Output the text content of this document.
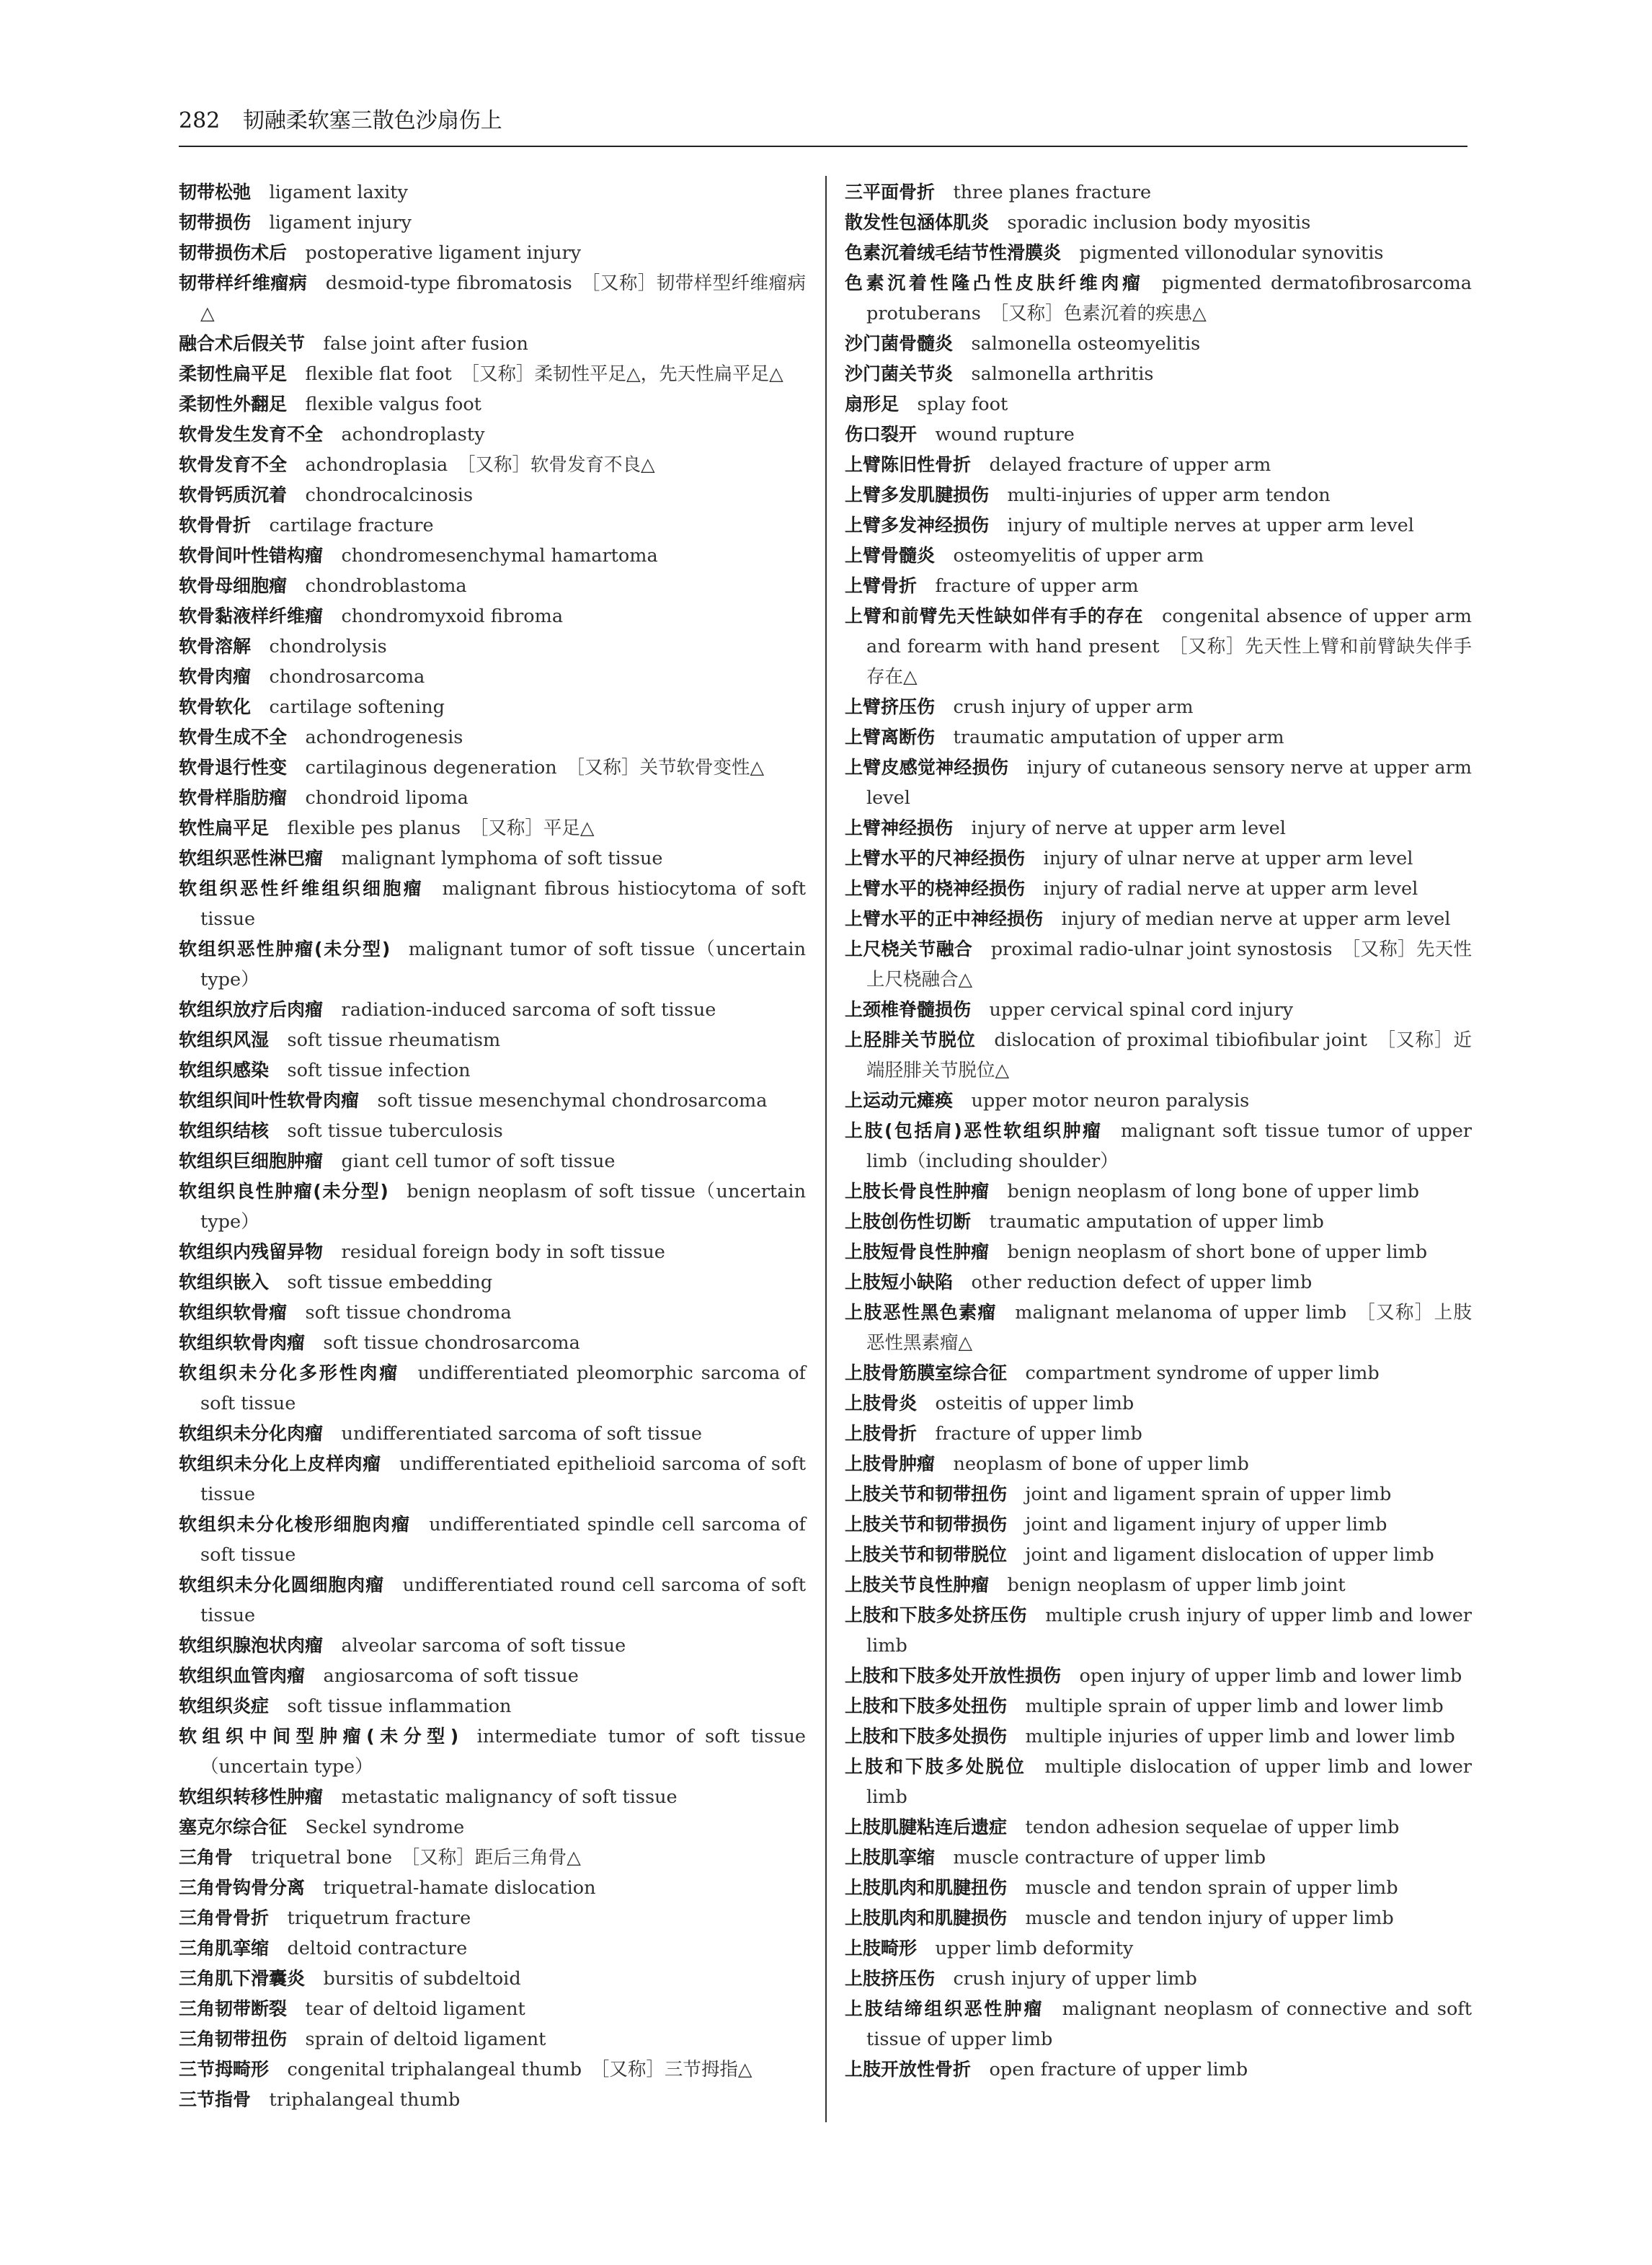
282 韧融柔软塞三散色沙扇伤上
韧带松弛  ligament laxity
韧带损伤  ligament injury
韧带损伤术后  postoperative ligament injury
韧带样纤维瘤病  desmoid-type fibromatosis  ［又称］韧带样型纤维瘤病△
融合术后假关节  false joint after fusion
柔韧性扁平足  flexible flat foot  ［又称］柔韧性平足△，先天性扁平足△
柔韧性外翻足  flexible valgus foot
软骨发生发育不全  achondroplasty
软骨发育不全  achondroplasia  ［又称］软骨发育不良△
软骨钙质沉着  chondrocalcinosis
软骨骨折  cartilage fracture
软骨间叶性错构瘤  chondromesenchymal hamartoma
软骨母细胞瘤  chondroblastoma
软骨黏液样纤维瘤  chondromyxoid fibroma
软骨溶解  chondrolysis
软骨肉瘤  chondrosarcoma
软骨软化  cartilage softening
软骨生成不全  achondrogenesis
软骨退行性变  cartilaginous degeneration  ［又称］关节软骨变性△
软骨样脂肪瘤  chondroid lipoma
软性扁平足  flexible pes planus  ［又称］平足△
软组织恶性淋巴瘤  malignant lymphoma of soft tissue
软组织恶性纤维组织细胞瘤  malignant fibrous histiocytoma of soft tissue
软组织恶性肿瘤(未分型)  malignant tumor of soft tissue（uncertain type）
软组织放疗后肉瘤  radiation-induced sarcoma of soft tissue
软组织风湿  soft tissue rheumatism
软组织感染  soft tissue infection
软组织间叶性软骨肉瘤  soft tissue mesenchymal chondrosarcoma
软组织结核  soft tissue tuberculosis
软组织巨细胞肿瘤  giant cell tumor of soft tissue
软组织良性肿瘤(未分型)  benign neoplasm of soft tissue（uncertain type）
软组织内残留异物  residual foreign body in soft tissue
软组织嵌入  soft tissue embedding
软组织软骨瘤  soft tissue chondroma
软组织软骨肉瘤  soft tissue chondrosarcoma
软组织未分化多形性肉瘤  undifferentiated pleomorphic sarcoma of soft tissue
软组织未分化肉瘤  undifferentiated sarcoma of soft tissue
软组织未分化上皮样肉瘤  undifferentiated epithelioid sarcoma of soft tissue
软组织未分化梭形细胞肉瘤  undifferentiated spindle cell sarcoma of soft tissue
软组织未分化圆细胞肉瘤  undifferentiated round cell sarcoma of soft tissue
软组织腺泡状肉瘤  alveolar sarcoma of soft tissue
软组织血管肉瘤  angiosarcoma of soft tissue
软组织炎症  soft tissue inflammation
软组织中间型肿瘤(未分型)  intermediate tumor of soft tissue（uncertain type）
软组织转移性肿瘤  metastatic malignancy of soft tissue
塞克尔综合征  Seckel syndrome
三角骨  triquetral bone  ［又称］距后三角骨△
三角骨钩骨分离  triquetral-hamate dislocation
三角骨骨折  triquetrum fracture
三角肌挛缩  deltoid contracture
三角肌下滑囊炎  bursitis of subdeltoid
三角韧带断裂  tear of deltoid ligament
三角韧带扭伤  sprain of deltoid ligament
三节拇畸形  congenital triphalangeal thumb  ［又称］三节拇指△
三节指骨  triphalangeal thumb
三平面骨折  three planes fracture
散发性包涵体肌炎  sporadic inclusion body myositis
色素沉着绒毛结节性滑膜炎  pigmented villonodular synovitis
色素沉着性隆凸性皮肤纤维肉瘤  pigmented dermatofibrosarcoma protuberans  ［又称］色素沉着的疾患△
沙门菌骨髓炎  salmonella osteomyelitis
沙门菌关节炎  salmonella arthritis
扇形足  splay foot
伤口裂开  wound rupture
上臂陈旧性骨折  delayed fracture of upper arm
上臂多发肌腱损伤  multi-injuries of upper arm tendon
上臂多发神经损伤  injury of multiple nerves at upper arm level
上臂骨髓炎  osteomyelitis of upper arm
上臂骨折  fracture of upper arm
上臂和前臂先天性缺如伴有手的存在  congenital absence of upper arm and forearm with hand present  ［又称］先天性上臂和前臂缺失伴手存在△
上臂挤压伤  crush injury of upper arm
上臂离断伤  traumatic amputation of upper arm
上臂皮感觉神经损伤  injury of cutaneous sensory nerve at upper arm level
上臂神经损伤  injury of nerve at upper arm level
上臂水平的尺神经损伤  injury of ulnar nerve at upper arm level
上臂水平的桡神经损伤  injury of radial nerve at upper arm level
上臂水平的正中神经损伤  injury of median nerve at upper arm level
上尺桡关节融合  proximal radio-ulnar joint synostosis  ［又称］先天性上尺桡融合△
上颈椎脊髓损伤  upper cervical spinal cord injury
上胫腓关节脱位  dislocation of proximal tibiofibular joint  ［又称］近端胫腓关节脱位△
上运动元瘫痪  upper motor neuron paralysis
上肢(包括肩)恶性软组织肿瘤  malignant soft tissue tumor of upper limb（including shoulder）
上肢长骨良性肿瘤  benign neoplasm of long bone of upper limb
上肢创伤性切断  traumatic amputation of upper limb
上肢短骨良性肿瘤  benign neoplasm of short bone of upper limb
上肢短小缺陷  other reduction defect of upper limb
上肢恶性黑色素瘤  malignant melanoma of upper limb  ［又称］上肢恶性黑素瘤△
上肢骨筋膜室综合征  compartment syndrome of upper limb
上肢骨炎  osteitis of upper limb
上肢骨折  fracture of upper limb
上肢骨肿瘤  neoplasm of bone of upper limb
上肢关节和韧带扭伤  joint and ligament sprain of upper limb
上肢关节和韧带损伤  joint and ligament injury of upper limb
上肢关节和韧带脱位  joint and ligament dislocation of upper limb
上肢关节良性肿瘤  benign neoplasm of upper limb joint
上肢和下肢多处挤压伤  multiple crush injury of upper limb and lower limb
上肢和下肢多处开放性损伤  open injury of upper limb and lower limb
上肢和下肢多处扭伤  multiple sprain of upper limb and lower limb
上肢和下肢多处损伤  multiple injuries of upper limb and lower limb
上肢和下肢多处脱位  multiple dislocation of upper limb and lower limb
上肢肌腱粘连后遗症  tendon adhesion sequelae of upper limb
上肢肌挛缩  muscle contracture of upper limb
上肢肌肉和肌腱扭伤  muscle and tendon sprain of upper limb
上肢肌肉和肌腱损伤  muscle and tendon injury of upper limb
上肢畸形  upper limb deformity
上肢挤压伤  crush injury of upper limb
上肢结缔组织恶性肿瘤  malignant neoplasm of connective and soft tissue of upper limb
上肢开放性骨折  open fracture of upper limb
